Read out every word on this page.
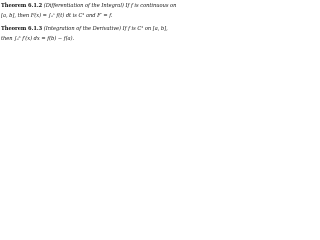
Theorem 6.1.2 (Differentiation of the Integral) If f is continuous on
[a, b], then F(x) = ∫ₐˣ f(t) dt is C¹ and F′ = f.
Theorem 6.1.3 (Integration of the Derivative) If f is C¹ on [a, b],
then ∫ₐᵇ f′(x) dx = f(b) − f(a).
